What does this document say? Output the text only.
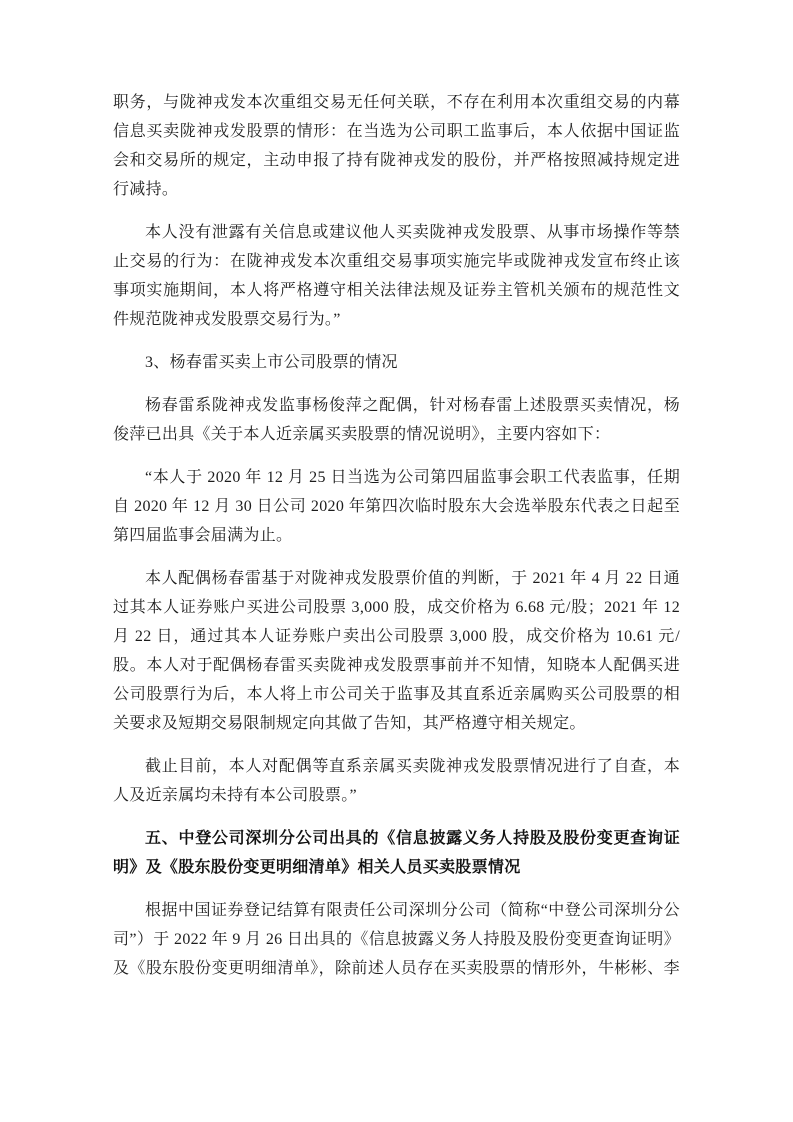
职务，与陇神戎发本次重组交易无任何关联，不存在利用本次重组交易的内幕信息买卖陇神戎发股票的情形：在当选为公司职工监事后，本人依据中国证监会和交易所的规定，主动申报了持有陇神戎发的股份，并严格按照减持规定进行减持。

本人没有泄露有关信息或建议他人买卖陇神戎发股票、从事市场操作等禁止交易的行为：在陇神戎发本次重组交易事项实施完毕或陇神戎发宣布终止该事项实施期间，本人将严格遵守相关法律法规及证券主管机关颁布的规范性文件规范陇神戎发股票交易行为。”

3、杨春雷买卖上市公司股票的情况

杨春雷系陇神戎发监事杨俊萍之配偶，针对杨春雷上述股票买卖情况，杨俊萍已出具《关于本人近亲属买卖股票的情况说明》，主要内容如下：

“本人于 2020 年 12 月 25 日当选为公司第四届监事会职工代表监事，任期自 2020 年 12 月 30 日公司 2020 年第四次临时股东大会选举股东代表之日起至第四届监事会届满为止。

本人配偶杨春雷基于对陇神戎发股票价值的判断，于 2021 年 4 月 22 日通过其本人证券账户买进公司股票 3,000 股，成交价格为 6.68 元/股；2021 年 12 月 22 日，通过其本人证券账户卖出公司股票 3,000 股，成交价格为 10.61 元/股。本人对于配偶杨春雷买卖陇神戎发股票事前并不知情，知晓本人配偶买进公司股票行为后，本人将上市公司关于监事及其直系近亲属购买公司股票的相关要求及短期交易限制规定向其做了告知，其严格遵守相关规定。

截止目前，本人对配偶等直系亲属买卖陇神戎发股票情况进行了自查，本人及近亲属均未持有本公司股票。”

五、中登公司深圳分公司出具的《信息披露义务人持股及股份变更查询证明》及《股东股份变更明细清单》相关人员买卖股票情况

根据中国证券登记结算有限责任公司深圳分公司（简称“中登公司深圳分公司”）于 2022 年 9 月 26 日出具的《信息披露义务人持股及股份变更查询证明》及《股东股份变更明细清单》，除前述人员存在买卖股票的情形外，牛彬彬、李
